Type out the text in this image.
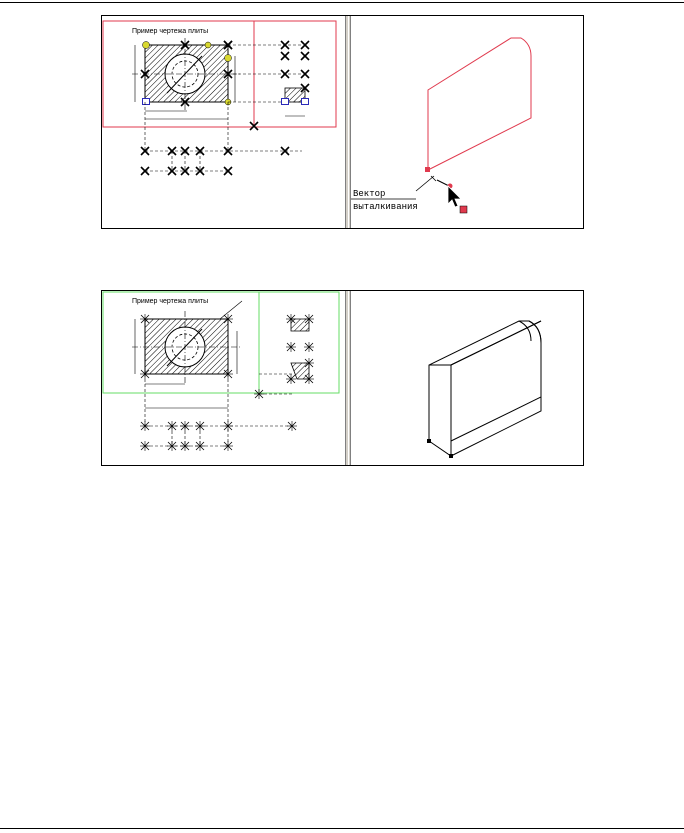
Пример чертежа плиты
Вектор
выталкивания
Пример чертежа плиты
